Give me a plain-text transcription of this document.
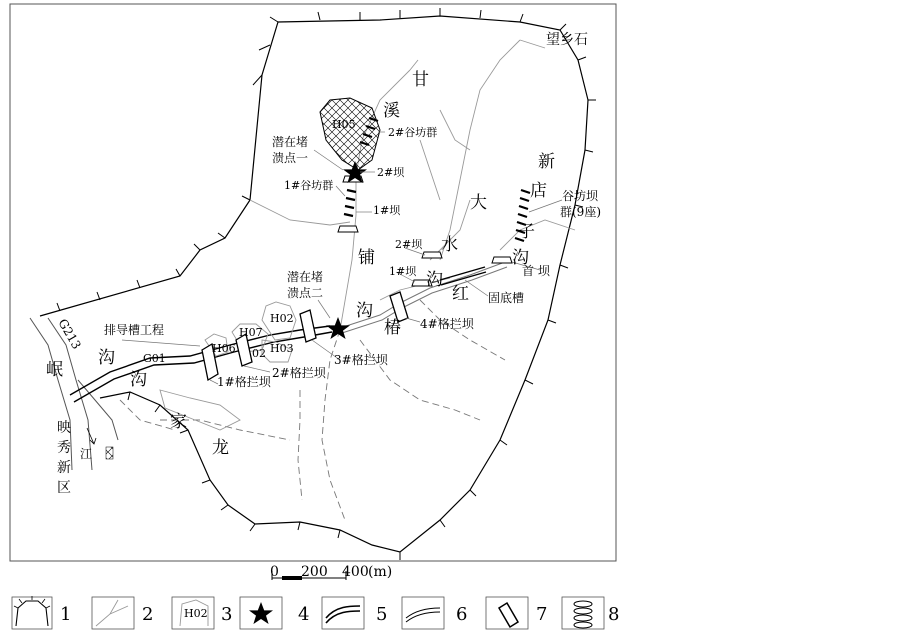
G213
江
甘
溪
新
店
子
沟
大
水
沟
红
椿
铺
沟
沟
家
龙
岷
沟
映
秀
新
区
望乡石
排导槽工程
G01
H05
H02
H07
H06	H03
02
潜在堵
溃点一
潜在堵
溃点二
2#谷坊群
1#谷坊群
2#坝
1#坝
2#坝
1#坝
谷坊坝
群(9座)
首 坝
固底槽
4#格拦坝
3#格拦坝
2#格拦坝
1#格拦坝
0 200 400 (m)
1	2	H02 3	4	5	6	7	8
